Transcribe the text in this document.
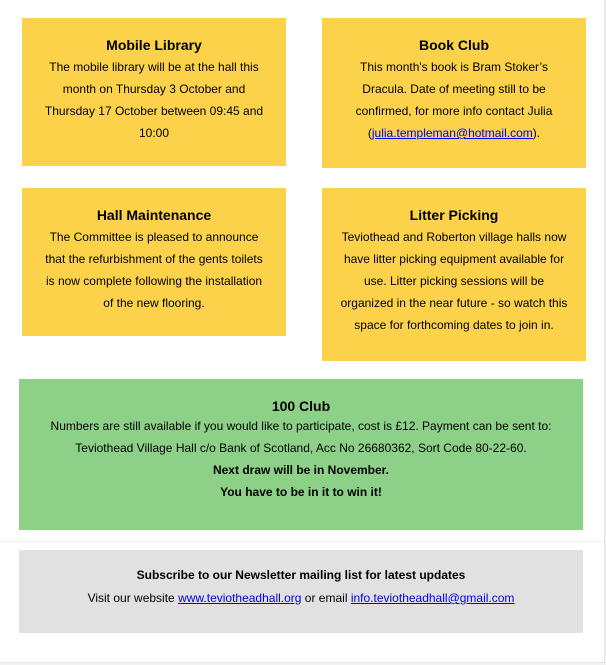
Mobile Library
The mobile library will be at the hall this
month on Thursday 3 October and
Thursday 17 October between 09:45 and
10:00
Book Club
This month's book is Bram Stoker’s
Dracula. Date of meeting still to be
confirmed, for more info contact Julia
(julia.templeman@hotmail.com).
Hall Maintenance
The Committee is pleased to announce
that the refurbishment of the gents toilets
is now complete following the installation
of the new flooring.
Litter Picking
Teviothead and Roberton village halls now
have litter picking equipment available for
use. Litter picking sessions will be
organized in the near future - so watch this
space for forthcoming dates to join in.
100 Club
Numbers are still available if you would like to participate, cost is £12. Payment can be sent to:
Teviothead Village Hall c/o Bank of Scotland, Acc No 26680362, Sort Code 80-22-60.
Next draw will be in November.
You have to be in it to win it!
Subscribe to our Newsletter mailing list for latest updates
Visit our website www.teviotheadhall.org or email info.teviotheadhall@gmail.com
